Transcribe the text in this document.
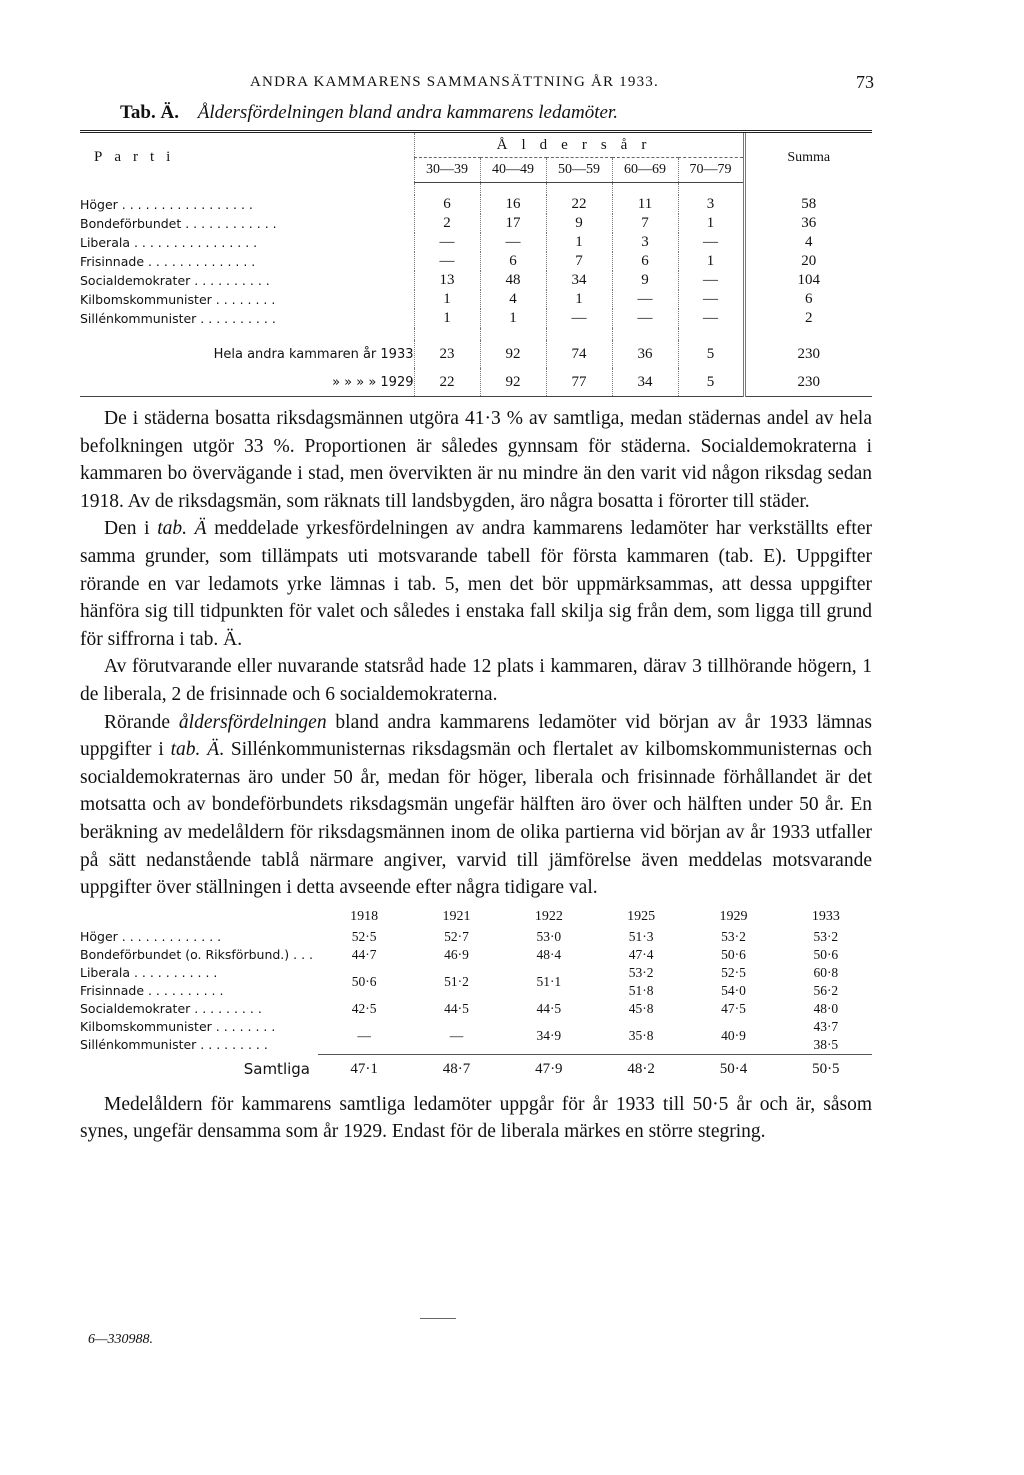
ANDRA KAMMARENS SAMMANSÄTTNING ÅR 1933.	73
Tab. Ä. Åldersfördelningen bland andra kammarens ledamöter.
Parti	Åldersår					Summa
	30—39	40—49	50—59	60—69	70—79	

Höger . . . . . . . . . . . . . . . . .	6	16	22	11	3	58
Bondeförbundet . . . . . . . . . . . .	2	17	9	7	1	36
Liberala . . . . . . . . . . . . . . . .	—	—	1	3	—	4
Frisinnade . . . . . . . . . . . . . .	—	6	7	6	1	20
Socialdemokrater . . . . . . . . . .	13	48	34	9	—	104
Kilbomskommunister . . . . . . . .	1	4	1	—	—	6
Sillénkommunister . . . . . . . . . .	1	1	—	—	—	2

Hela andra kammaren år 1933	23	92	74	36	5	230
» » » » 1929	22	92	77	34	5	230

De i städerna bosatta riksdagsmännen utgöra 41·3 % av samtliga, medan städernas andel av hela befolkningen utgör 33 %. Proportionen är således gynnsam för städerna. Socialdemokraterna i kammaren bo övervägande i stad, men övervikten är nu mindre än den varit vid någon riksdag sedan 1918. Av de riksdagsmän, som räknats till landsbygden, äro några bosatta i förorter till städer.

Den i tab. Ä meddelade yrkesfördelningen av andra kammarens ledamöter har verkställts efter samma grunder, som tillämpats uti motsvarande tabell för första kammaren (tab. E). Uppgifter rörande en var ledamots yrke lämnas i tab. 5, men det bör uppmärksammas, att dessa uppgifter hänföra sig till tidpunkten för valet och således i enstaka fall skilja sig från dem, som ligga till grund för siffrorna i tab. Ä.

Av förutvarande eller nuvarande statsråd hade 12 plats i kammaren, därav 3 tillhörande högern, 1 de liberala, 2 de frisinnade och 6 socialdemokraterna.

Rörande åldersfördelningen bland andra kammarens ledamöter vid början av år 1933 lämnas uppgifter i tab. Ä. Sillénkommunisternas riksdagsmän och flertalet av kilbomskommunisternas och socialdemokraternas äro under 50 år, medan för höger, liberala och frisinnade förhållandet är det motsatta och av bondeförbundets riksdagsmän ungefär hälften äro över och hälften under 50 år. En beräkning av medelåldern för riksdagsmännen inom de olika partierna vid början av år 1933 utfaller på sätt nedanstående tablå närmare angiver, varvid till jämförelse även meddelas motsvarande uppgifter över ställningen i detta avseende efter några tidigare val.

	1918	1921	1922	1925	1929	1933
Höger . . . . . . . . . . . . .	52·5	52·7	53·0	51·3	53·2	53·2
Bondeförbundet (o. Riksförbund.) . . .	44·7	46·9	48·4	47·4	50·6	50·6
Liberala . . . . . . . . . . .	50·6	51·2	51·1	53·2	52·5	60·8
Frisinnade . . . . . . . . . .				51·8	54·0	56·2
Socialdemokrater . . . . . . . . .	42·5	44·5	44·5	45·8	47·5	48·0
Kilbomskommunister . . . . . . . .	—	—	34·9	35·8	40·9	43·7
Sillénkommunister . . . . . . . . .						38·5
Samtliga	47·1	48·7	47·9	48·2	50·4	50·5

Medelåldern för kammarens samtliga ledamöter uppgår för år 1933 till 50·5 år och är, såsom synes, ungefär densamma som år 1929. Endast för de liberala märkes en större stegring.

6—330988.
